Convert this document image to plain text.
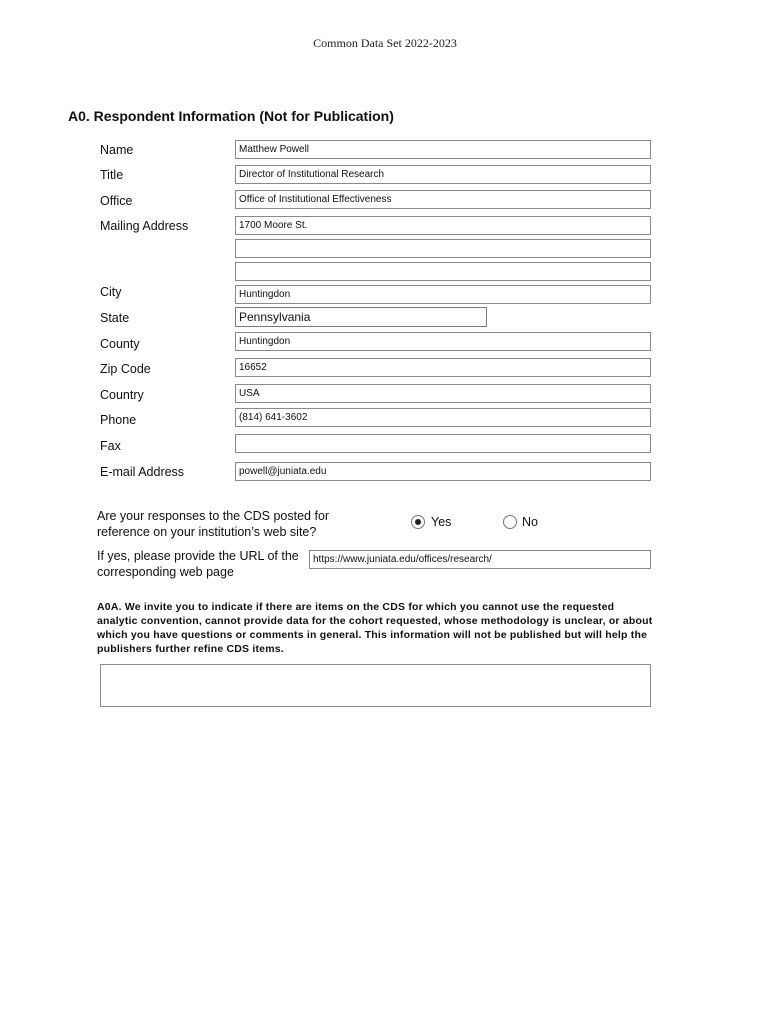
Common Data Set 2022-2023
A0. Respondent Information (Not for Publication)
Name	Matthew Powell
Title	Director of Institutional Research
Office	Office of Institutional Effectiveness
Mailing Address	1700 Moore St.
City	Huntingdon
State	Pennsylvania
County	Huntingdon
Zip Code	16652
Country	USA
Phone	(814) 641-3602
Fax
E-mail Address	powell@juniata.edu
Are your responses to the CDS posted for
reference on your institution’s web site?
Yes	No
If yes, please provide the URL of the
corresponding web page
https://www.juniata.edu/offices/research/
A0A. We invite you to indicate if there are items on the CDS for which you cannot use the requested analytic convention, cannot provide data for the cohort requested, whose methodology is unclear, or about which you have questions or comments in general. This information will not be published but will help the publishers further refine CDS items.
